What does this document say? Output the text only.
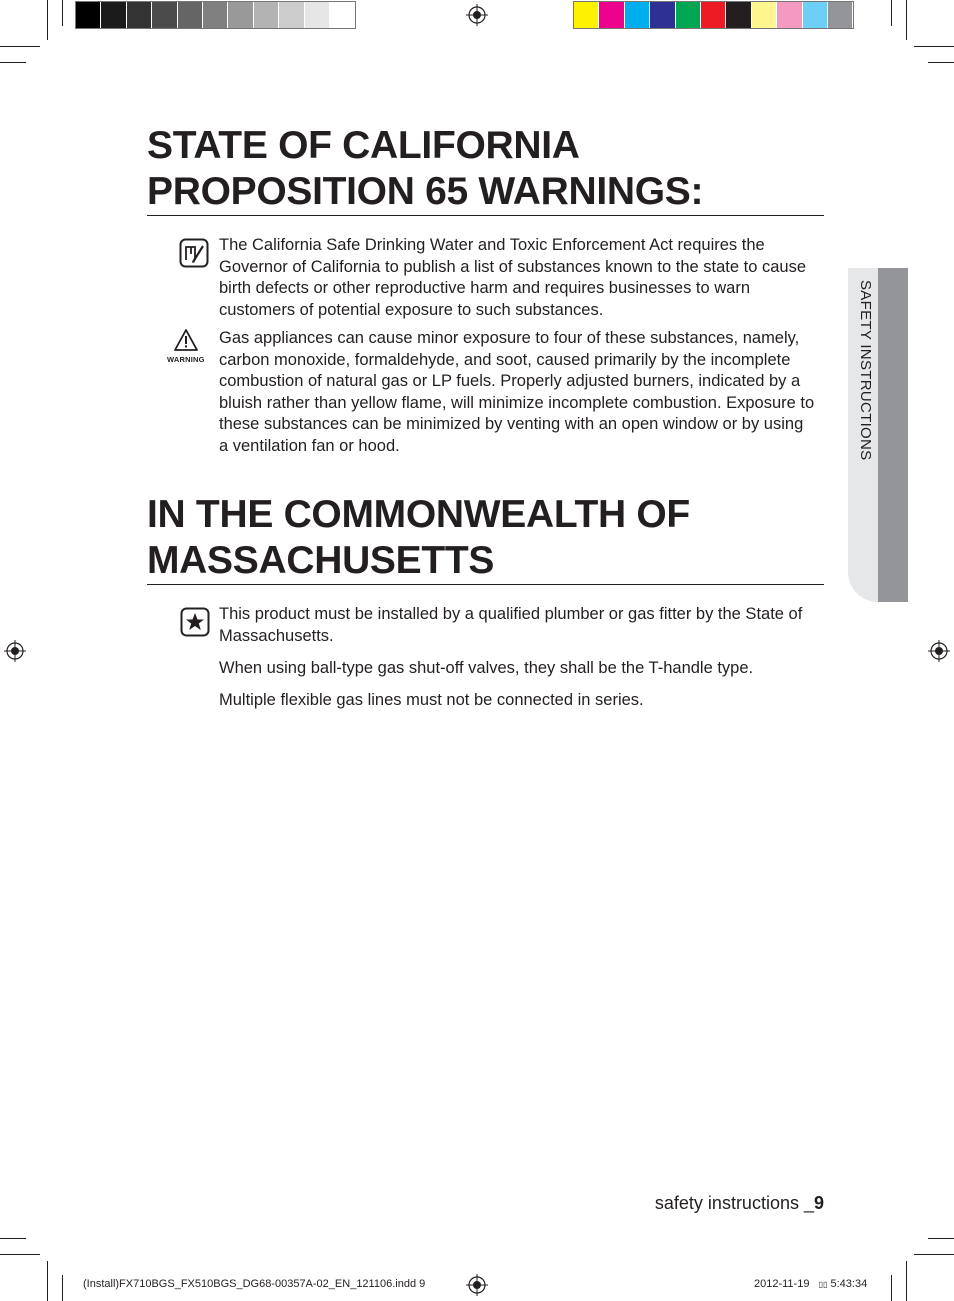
STATE OF CALIFORNIA
PROPOSITION 65 WARNINGS:

The California Safe Drinking Water and Toxic Enforcement Act requires the Governor of California to publish a list of substances known to the state to cause birth defects or other reproductive harm and requires businesses to warn customers of potential exposure to such substances.

WARNING

Gas appliances can cause minor exposure to four of these substances, namely, carbon monoxide, formaldehyde, and soot, caused primarily by the incomplete combustion of natural gas or LP fuels. Properly adjusted burners, indicated by a bluish rather than yellow flame, will minimize incomplete combustion. Exposure to these substances can be minimized by venting with an open window or by using a ventilation fan or hood.

IN THE COMMONWEALTH OF
MASSACHUSETTS

This product must be installed by a qualified plumber or gas fitter by the State of Massachusetts.

When using ball-type gas shut-off valves, they shall be the T-handle type.

Multiple flexible gas lines must not be connected in series.

SAFETY INSTRUCTIONS
safety instructions _9
(Install)FX710BGS_FX510BGS_DG68-00357A-02_EN_121106.indd 9	2012-11-19 ▯▯ 5:43:34
